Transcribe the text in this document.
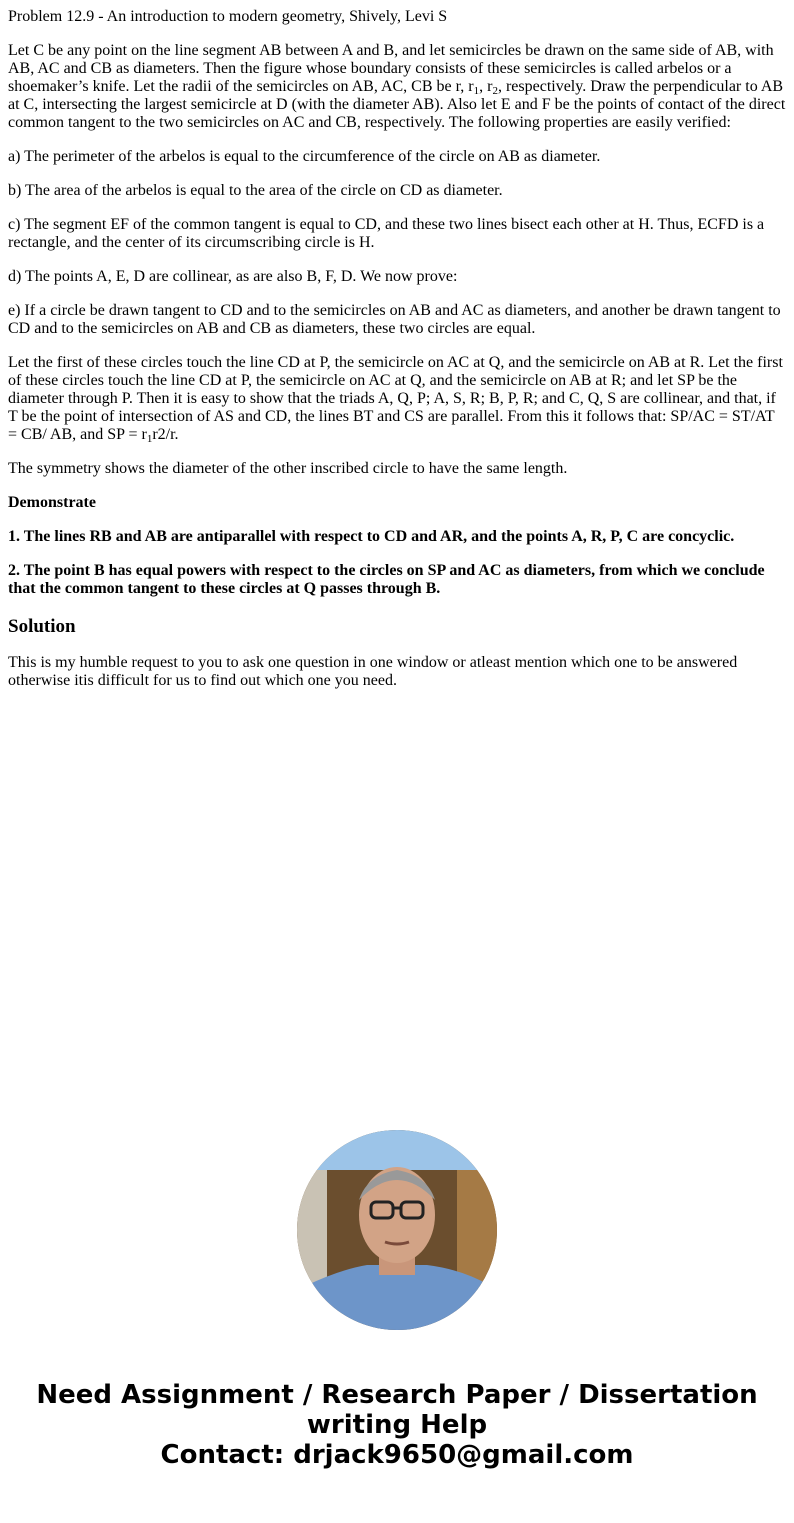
Problem 12.9 - An introduction to modern geometry, Shively, Levi S

Let C be any point on the line segment AB between A and B, and let semicircles be drawn on the same side of AB, with AB, AC and CB as diameters. Then the figure whose boundary consists of these semicircles is called arbelos or a shoemaker’s knife. Let the radii of the semicircles on AB, AC, CB be r, $r_1$, $r_2$, respectively. Draw the perpendicular to AB at C, intersecting the largest semicircle at D (with the diameter AB). Also let E and F be the points of contact of the direct common tangent to the two semicircles on AC and CB, respectively. The following properties are easily verified:

a) The perimeter of the arbelos is equal to the circumference of the circle on AB as diameter.

b) The area of the arbelos is equal to the area of the circle on CD as diameter.

c) The segment EF of the common tangent is equal to CD, and these two lines bisect each other at H. Thus, ECFD is a rectangle, and the center of its circumscribing circle is H.

d) The points A, E, D are collinear, as are also B, F, D. We now prove:

e) If a circle be drawn tangent to CD and to the semicircles on AB and AC as diameters, and another be drawn tangent to CD and to the semicircles on AB and CB as diameters, these two circles are equal.

Let the first of these circles touch the line CD at P, the semicircle on AC at Q, and the semicircle on AB at R. Let the first of these circles touch the line CD at P, the semicircle on AC at Q, and the semicircle on AB at R; and let SP be the diameter through P. Then it is easy to show that the triads A, Q, P; A, S, R; B, P, R; and C, Q, S are collinear, and that, if T be the point of intersection of AS and CD, the lines BT and CS are parallel. From this it follows that: SP/AC = ST/AT = CB/ AB, and SP = $r_1r2/r$.

The symmetry shows the diameter of the other inscribed circle to have the same length.

Demonstrate

1. The lines RB and AB are antiparallel with respect to CD and AR, and the points A, R, P, C are concyclic.

2. The point B has equal powers with respect to the circles on SP and AC as diameters, from which we conclude that the common tangent to these circles at Q passes through B.

Solution

This is my humble request to you to ask one question in one window or atleast mention which one to be answered otherwise itis difficult for us to find out which one you need.

Need Assignment / Research Paper / Dissertation writing Help
Contact: drjack9650@gmail.com
